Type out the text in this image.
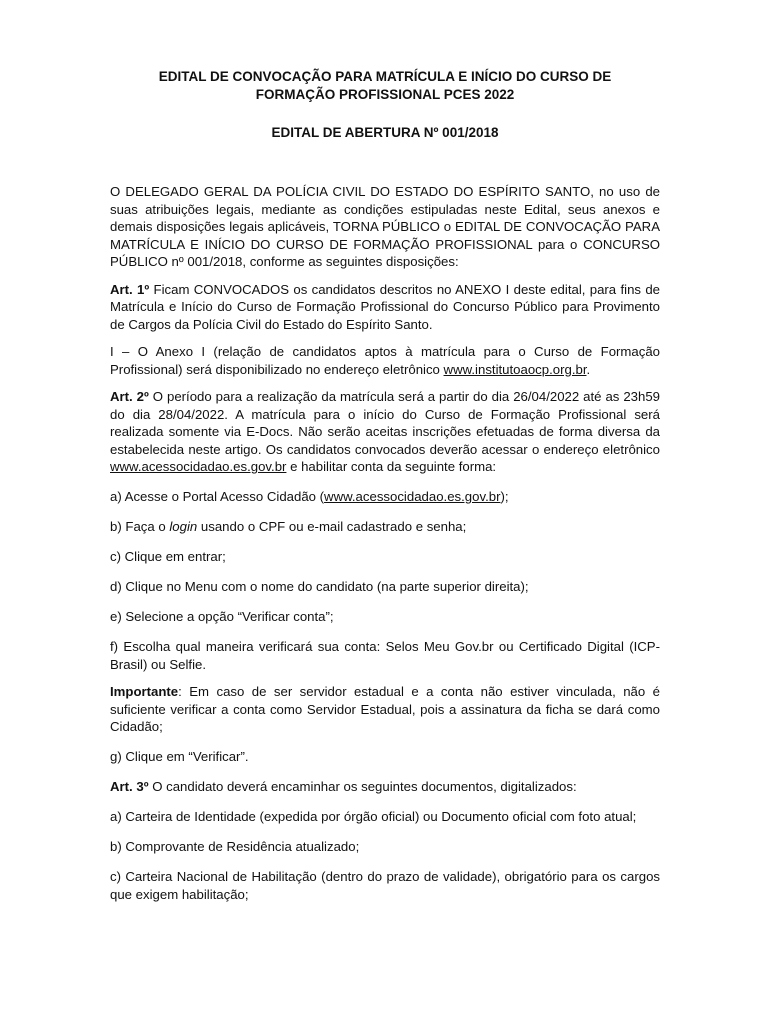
EDITAL DE CONVOCAÇÃO PARA MATRÍCULA E INÍCIO DO CURSO DE
FORMAÇÃO PROFISSIONAL PCES 2022

EDITAL DE ABERTURA Nº 001/2018

O DELEGADO GERAL DA POLÍCIA CIVIL DO ESTADO DO ESPÍRITO SANTO, no uso de suas atribuições legais, mediante as condições estipuladas neste Edital, seus anexos e demais disposições legais aplicáveis, TORNA PÚBLICO o EDITAL DE CONVOCAÇÃO PARA MATRÍCULA E INÍCIO DO CURSO DE FORMAÇÃO PROFISSIONAL para o CONCURSO PÚBLICO nº 001/2018, conforme as seguintes disposições:

Art. 1º Ficam CONVOCADOS os candidatos descritos no ANEXO I deste edital, para fins de Matrícula e Início do Curso de Formação Profissional do Concurso Público para Provimento de Cargos da Polícia Civil do Estado do Espírito Santo.

I – O Anexo I (relação de candidatos aptos à matrícula para o Curso de Formação Profissional) será disponibilizado no endereço eletrônico www.institutoaocp.org.br.

Art. 2º O período para a realização da matrícula será a partir do dia 26/04/2022 até as 23h59 do dia 28/04/2022. A matrícula para o início do Curso de Formação Profissional será realizada somente via E-Docs. Não serão aceitas inscrições efetuadas de forma diversa da estabelecida neste artigo. Os candidatos convocados deverão acessar o endereço eletrônico www.acessocidadao.es.gov.br e habilitar conta da seguinte forma:

a) Acesse o Portal Acesso Cidadão (www.acessocidadao.es.gov.br);

b) Faça o login usando o CPF ou e-mail cadastrado e senha;

c) Clique em entrar;

d) Clique no Menu com o nome do candidato (na parte superior direita);

e) Selecione a opção “Verificar conta”;

f) Escolha qual maneira verificará sua conta: Selos Meu Gov.br ou Certificado Digital (ICP- Brasil) ou Selfie.

Importante: Em caso de ser servidor estadual e a conta não estiver vinculada, não é suficiente verificar a conta como Servidor Estadual, pois a assinatura da ficha se dará como Cidadão;

g) Clique em “Verificar”.

Art. 3º O candidato deverá encaminhar os seguintes documentos, digitalizados:

a) Carteira de Identidade (expedida por órgão oficial) ou Documento oficial com foto atual;

b) Comprovante de Residência atualizado;

c) Carteira Nacional de Habilitação (dentro do prazo de validade), obrigatório para os cargos que exigem habilitação;
